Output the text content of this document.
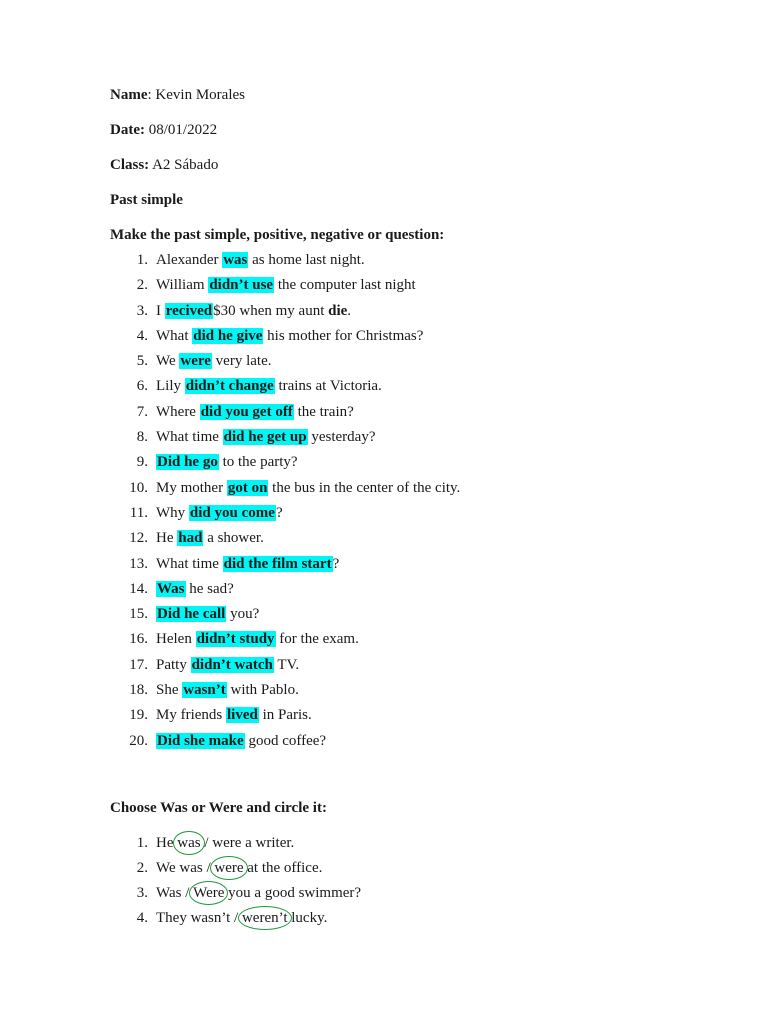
Name: Kevin Morales
Date: 08/01/2022
Class: A2 Sábado
Past simple
Make the past simple, positive, negative or question:
1. Alexander was as home last night.
2. William didn’t use the computer last night
3. I recived$30 when my aunt die.
4. What did he give his mother for Christmas?
5. We were very late.
6. Lily didn’t change trains at Victoria.
7. Where did you get off the train?
8. What time did he get up yesterday?
9. Did he go to the party?
10. My mother got on the bus in the center of the city.
11. Why did you come?
12. He had a shower.
13. What time did the film start?
14. Was he sad?
15. Did he call you?
16. Helen didn’t study for the exam.
17. Patty didn’t watch TV.
18. She wasn’t with Pablo.
19. My friends lived in Paris.
20. Did she make good coffee?
Choose Was or Were and circle it:
1. He was / were a writer.
2. We was / were at the office.
3. Was / Were you a good swimmer?
4. They wasn’t / weren’t lucky.
